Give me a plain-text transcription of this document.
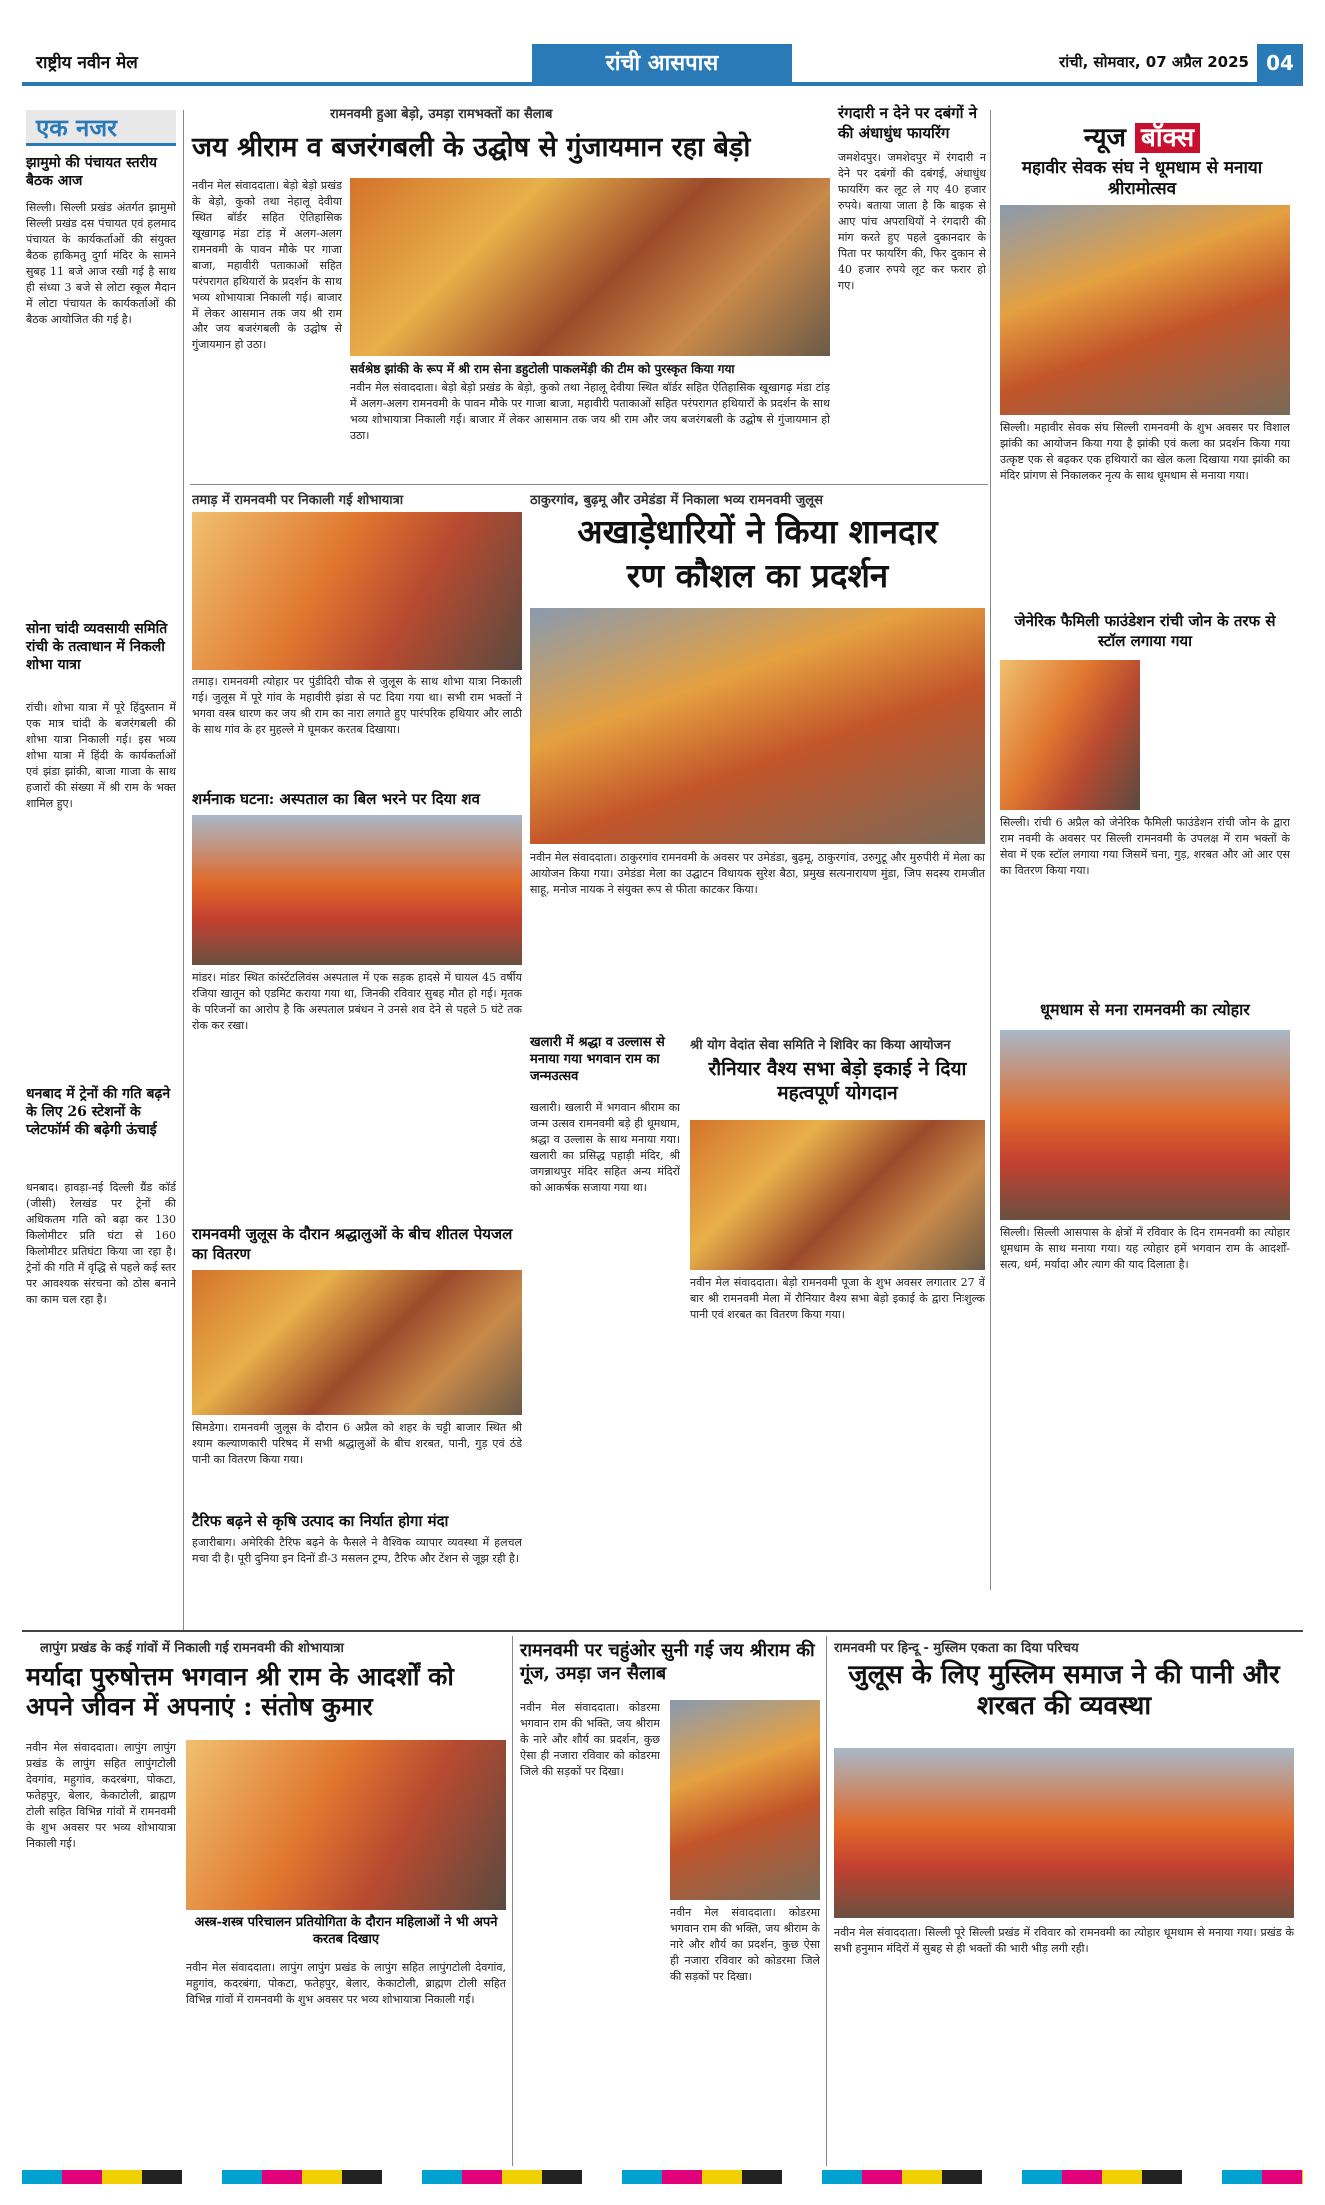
राष्ट्रीय नवीन मेल	रांची आसपास	रांची, सोमवार, 07 अप्रैल 2025 04
एक नजर
झामुमो की पंचायत स्तरीय बैठक आज
सिल्ली। सिल्ली प्रखंड अंतर्गत झामुमो सिल्ली प्रखंड दस पंचायत एवं हलमाद पंचायत के कार्यकर्ताओं की संयुक्त बैठक हाकिमतु दुर्गा मंदिर के सामने सुबह 11 बजे आज रखी गई है साथ ही संध्या 3 बजे से लोटा स्कूल मैदान में लोटा पंचायत के कार्यकर्ताओं की बैठक आयोजित की गई है।
सोना चांदी व्यवसायी समिति रांची के तत्वाधान में निकली शोभा यात्रा
रांची। शोभा यात्रा में पूरे हिंदुस्तान में एक मात्र चांदी के बजरंगबली की शोभा यात्रा निकाली गई। इस भव्य शोभा यात्रा में हिंदी के कार्यकर्ताओं एवं झंडा झांकी, बाजा गाजा के साथ हजारों की संख्या में श्री राम के भक्त शामिल हुए।
धनबाद में ट्रेनों की गति बढ़ने के लिए 26 स्टेशनों के प्लेटफॉर्म की बढ़ेगी ऊंचाई
धनबाद। हावड़ा-नई दिल्ली ग्रैंड कॉर्ड (जीसी) रेलखंड पर ट्रेनों की अधिकतम गति को बढ़ा कर 130 किलोमीटर प्रति घंटा से 160 किलोमीटर प्रतिघंटा किया जा रहा है। ट्रेनों की गति में वृद्धि से पहले कई स्तर पर आवश्यक संरचना को ठोस बनाने का काम चल रहा है।
रामनवमी हुआ बेड़ो, उमड़ा रामभक्तों का सैलाब
जय श्रीराम व बजरंगबली के उद्घोष से गुंजायमान रहा बेड़ो
नवीन मेल संवाददाता। बेड़ो बेड़ो प्रखंड के बेड़ो, कुको तथा नेहालू देवीया स्थित बॉर्डर सहित ऐतिहासिक खूखागढ़ मंडा टांड़ में अलग-अलग रामनवमी के पावन मौके पर गाजा बाजा, महावीरी पताकाओं सहित परंपरागत हथियारों के प्रदर्शन के साथ भव्य शोभायात्रा निकाली गई। बाजार में लेकर आसमान तक जय श्री राम और जय बजरंगबली के उद्घोष से गुंजायमान हो उठा।
सर्वश्रेष्ठ झांकी के रूप में श्री राम सेना डहुटोली पाकलमेंड़ी की टीम को पुरस्कृत किया गया
नवीन मेल संवाददाता। बेड़ो बेड़ो प्रखंड के बेड़ो, कुको तथा नेहालू देवीया स्थित बॉर्डर सहित ऐतिहासिक खूखागढ़ मंडा टांड़ में अलग-अलग रामनवमी के पावन मौके पर गाजा बाजा, महावीरी पताकाओं सहित परंपरागत हथियारों के प्रदर्शन के साथ भव्य शोभायात्रा निकाली गई। बाजार में लेकर आसमान तक जय श्री राम और जय बजरंगबली के उद्घोष से गुंजायमान हो उठा।
रंगदारी न देने पर दबंगों ने की अंधाधुंध फायरिंग
जमशेदपुर। जमशेदपुर में रंगदारी न देने पर दबंगों की दबंगई, अंधाधुंध फायरिंग कर लूट ले गए 40 हजार रुपये। बताया जाता है कि बाइक से आए पांच अपराधियों ने रंगदारी की मांग करते हुए पहले दुकानदार के पिता पर फायरिंग की, फिर दुकान से 40 हजार रुपये लूट कर फरार हो गए।
न्यूज बॉक्स
महावीर सेवक संघ ने धूमधाम से मनाया श्रीरामोत्सव
सिल्ली। महावीर सेवक संघ सिल्ली रामनवमी के शुभ अवसर पर विशाल झांकी का आयोजन किया गया है झांकी एवं कला का प्रदर्शन किया गया उत्कृष्ट एक से बढ़कर एक हथियारों का खेल कला दिखाया गया झांकी का मंदिर प्रांगण से निकालकर नृत्य के साथ धूमधाम से मनाया गया।
तमाड़ में रामनवमी पर निकाली गई शोभायात्रा
तमाड़। रामनवमी त्योहार पर पुंडीदिरी चौक से जुलूस के साथ शोभा यात्रा निकाली गई। जुलूस में पूरे गांव के महावीरी झंडा से पट दिया गया था। सभी राम भक्तों ने भगवा वस्त्र धारण कर जय श्री राम का नारा लगाते हुए पारंपरिक हथियार और लाठी के साथ गांव के हर मुहल्ले मे घूमकर करतब दिखाया।
शर्मनाक घटना: अस्पताल का बिल भरने पर दिया शव
मांडर। मांडर स्थित कांस्टेंटलिवंस अस्पताल में एक सड़क हादसे में घायल 45 वर्षीय रजिया खातून को एडमिट कराया गया था, जिनकी रविवार सुबह मौत हो गई। मृतक के परिजनों का आरोप है कि अस्पताल प्रबंधन ने उनसे शव देने से पहले 5 घंटे तक रोक कर रखा।
रामनवमी जुलूस के दौरान श्रद्धालुओं के बीच शीतल पेयजल का वितरण
सिमडेगा। रामनवमी जुलूस के दौरान 6 अप्रैल को शहर के चट्टी बाजार स्थित श्री श्याम कल्याणकारी परिषद में सभी श्रद्धालुओं के बीच शरबत, पानी, गुड़ एवं ठंडे पानी का वितरण किया गया।
टैरिफ बढ़ने से कृषि उत्पाद का निर्यात होगा मंदा
हजारीबाग। अमेरिकी टैरिफ बढ़ने के फैसले ने वैश्विक व्यापार व्यवस्था में हलचल मचा दी है। पूरी दुनिया इन दिनों डी-3 मसलन ट्रम्प, टैरिफ और टेंशन से जूझ रही है।
ठाकुरगांव, बुढ़मू और उमेडंडा में निकाला भव्य रामनवमी जुलूस
अखाड़ेधारियों ने किया शानदार
रण कौशल का प्रदर्शन
नवीन मेल संवाददाता। ठाकुरगांव रामनवमी के अवसर पर उमेडंडा, बुढ़मू, ठाकुरगांव, उरुगुटू और मुरुपीरी में मेला का आयोजन किया गया। उमेडंडा मेला का उद्घाटन विधायक सुरेश बैठा, प्रमुख सत्यनारायण मुंडा, जिप सदस्य रामजीत साहू, मनोज नायक ने संयुक्त रूप से फीता काटकर किया।
जेनेरिक फैमिली फाउंडेशन रांची जोन के तरफ से स्टॉल लगाया गया
सिल्ली। रांची 6 अप्रैल को जेनेरिक फैमिली फाउंडेशन रांची जोन के द्वारा राम नवमी के अवसर पर सिल्ली रामनवमी के उपलक्ष में राम भक्तों के सेवा में एक स्टॉल लगाया गया जिसमें चना, गुड़, शरबत और ओ आर एस का वितरण किया गया।
धूमधाम से मना रामनवमी का त्योहार
सिल्ली। सिल्ली आसपास के क्षेत्रों में रविवार के दिन रामनवमी का त्योहार धूमधाम के साथ मनाया गया। यह त्योहार हमें भगवान राम के आदर्शों-सत्य, धर्म, मर्यादा और त्याग की याद दिलाता है।
खलारी में श्रद्धा व उल्लास से मनाया गया भगवान राम का जन्मउत्सव
खलारी। खलारी में भगवान श्रीराम का जन्म उत्सव रामनवमी बड़े ही धूमधाम, श्रद्धा व उल्लास के साथ मनाया गया। खलारी का प्रसिद्ध पहाड़ी मंदिर, श्री जगन्नाथपुर मंदिर सहित अन्य मंदिरों को आकर्षक सजाया गया था।
श्री योग वेदांत सेवा समिति ने शिविर का किया आयोजन
रौनियार वैश्य सभा बेड़ो इकाई ने दिया महत्वपूर्ण योगदान
नवीन मेल संवाददाता। बेड़ो रामनवमी पूजा के शुभ अवसर लगातार 27 वें बार श्री रामनवमी मेला में रौनियार वैश्य सभा बेड़ो इकाई के द्वारा निःशुल्क पानी एवं शरबत का वितरण किया गया।
लापुंग प्रखंड के कई गांवों में निकाली गई रामनवमी की शोभायात्रा
मर्यादा पुरुषोत्तम भगवान श्री राम के आदर्शों को अपने जीवन में अपनाएं : संतोष कुमार
नवीन मेल संवाददाता। लापुंग लापुंग प्रखंड के लापुंग सहित लापुंगटोली देवगांव, महुगांव, कदरबंगा, पोकटा, फतेहपुर, बेलार, केकाटोली, ब्राह्मण टोली सहित विभिन्न गांवों में रामनवमी के शुभ अवसर पर भव्य शोभायात्रा निकाली गई।
अस्त्र-शस्त्र परिचालन प्रतियोगिता के दौरान महिलाओं ने भी अपने करतब दिखाए
नवीन मेल संवाददाता। लापुंग लापुंग प्रखंड के लापुंग सहित लापुंगटोली देवगांव, महुगांव, कदरबंगा, पोकटा, फतेहपुर, बेलार, केकाटोली, ब्राह्मण टोली सहित विभिन्न गांवों में रामनवमी के शुभ अवसर पर भव्य शोभायात्रा निकाली गई।
रामनवमी पर चहुंओर सुनी गई जय श्रीराम की गूंज, उमड़ा जन सैलाब
नवीन मेल संवाददाता। कोडरमा भगवान राम की भक्ति, जय श्रीराम के नारे और शौर्य का प्रदर्शन, कुछ ऐसा ही नजारा रविवार को कोडरमा जिले की सड़कों पर दिखा।
नवीन मेल संवाददाता। कोडरमा भगवान राम की भक्ति, जय श्रीराम के नारे और शौर्य का प्रदर्शन, कुछ ऐसा ही नजारा रविवार को कोडरमा जिले की सड़कों पर दिखा।
रामनवमी पर हिन्दू - मुस्लिम एकता का दिया परिचय
जुलूस के लिए मुस्लिम समाज ने की पानी और शरबत की व्यवस्था
नवीन मेल संवाददाता। सिल्ली पूरे सिल्ली प्रखंड में रविवार को रामनवमी का त्योहार धूमधाम से मनाया गया। प्रखंड के सभी हनुमान मंदिरों में सुबह से ही भक्तों की भारी भीड़ लगी रही।
